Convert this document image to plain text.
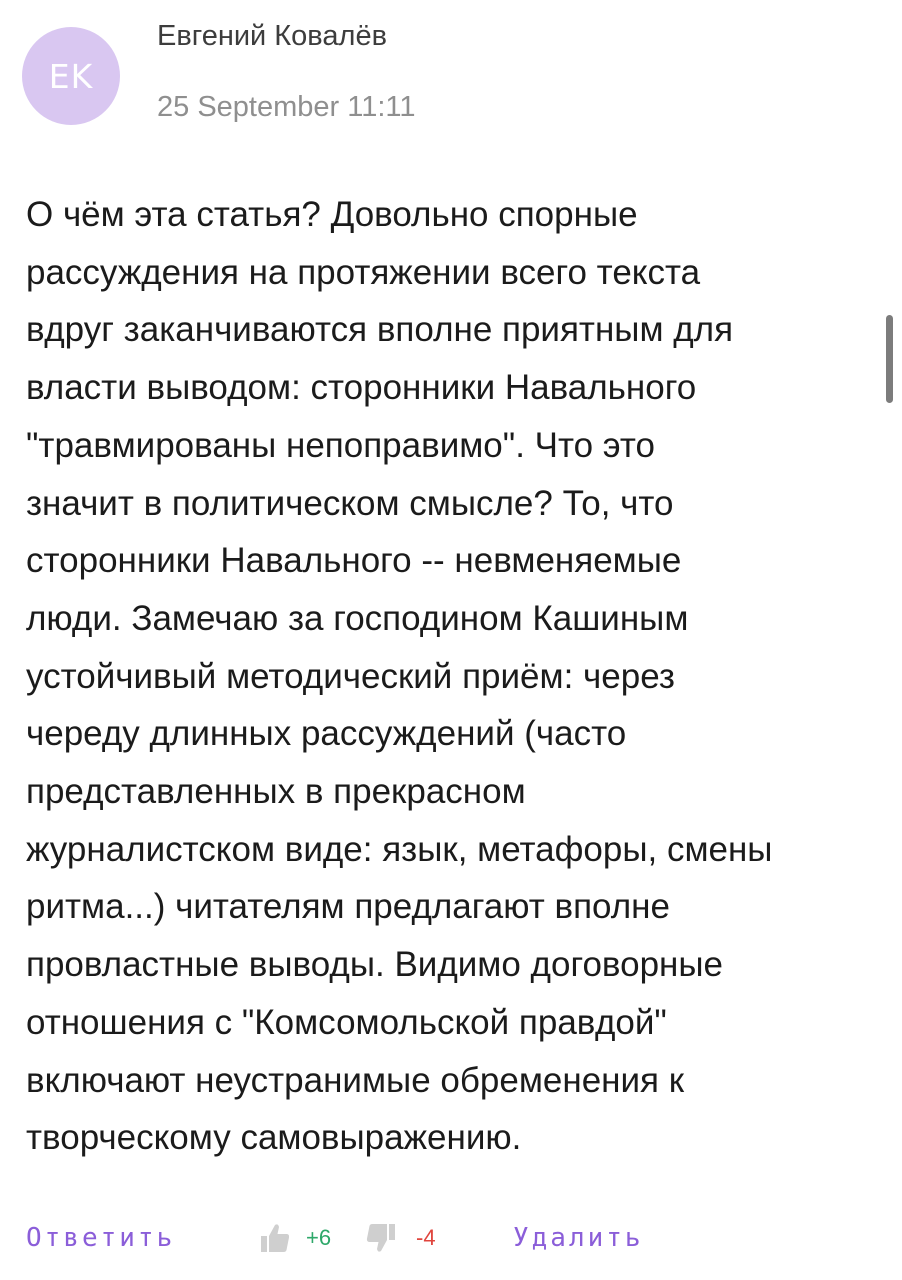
EK
Евгений Ковалёв
25 September 11:11
О чём эта статья? Довольно спорные
рассуждения на протяжении всего текста
вдруг заканчиваются вполне приятным для
власти выводом: сторонники Навального
"травмированы непоправимо". Что это
значит в политическом смысле? То, что
сторонники Навального -- невменяемые
люди. Замечаю за господином Кашиным
устойчивый методический приём: через
череду длинных рассуждений (часто
представленных в прекрасном
журналистском виде: язык, метафоры, смены
ритма...) читателям предлагают вполне
провластные выводы. Видимо договорные
отношения с "Комсомольской правдой"
включают неустранимые обременения к
творческому самовыражению.
Ответить	+6	-4	Удалить
